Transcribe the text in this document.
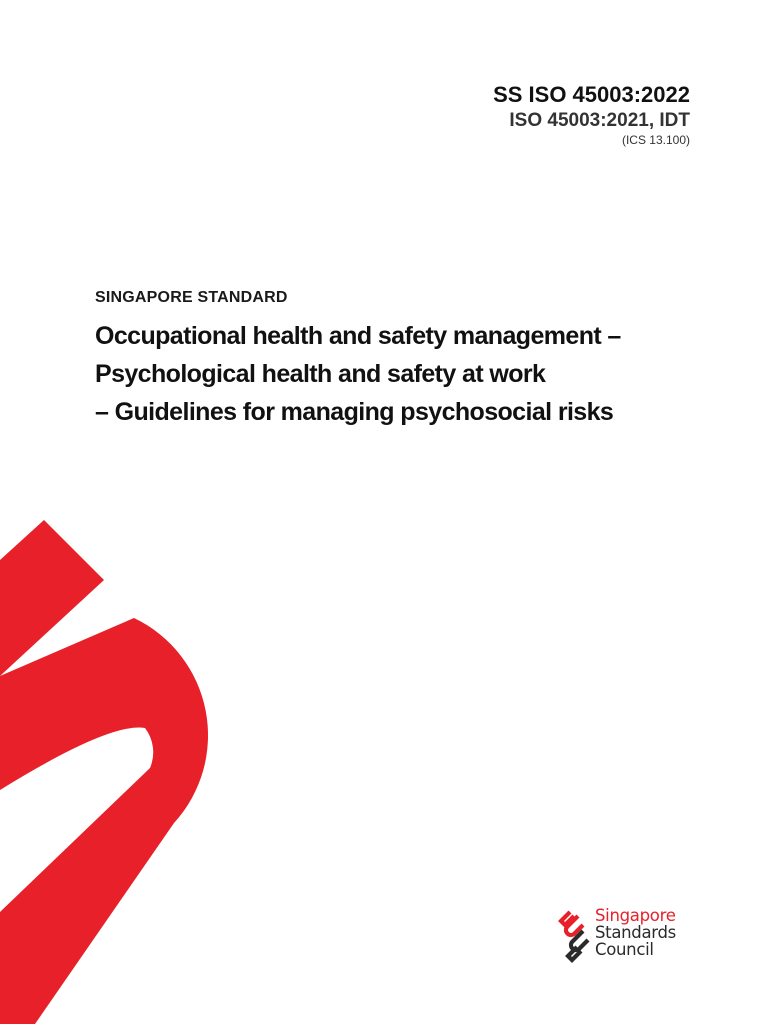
SS ISO 45003:2022
ISO 45003:2021, IDT
(ICS 13.100)
SINGAPORE STANDARD
Occupational health and safety management –
Psychological health and safety at work
– Guidelines for managing psychosocial risks
Singapore
Standards
Council
